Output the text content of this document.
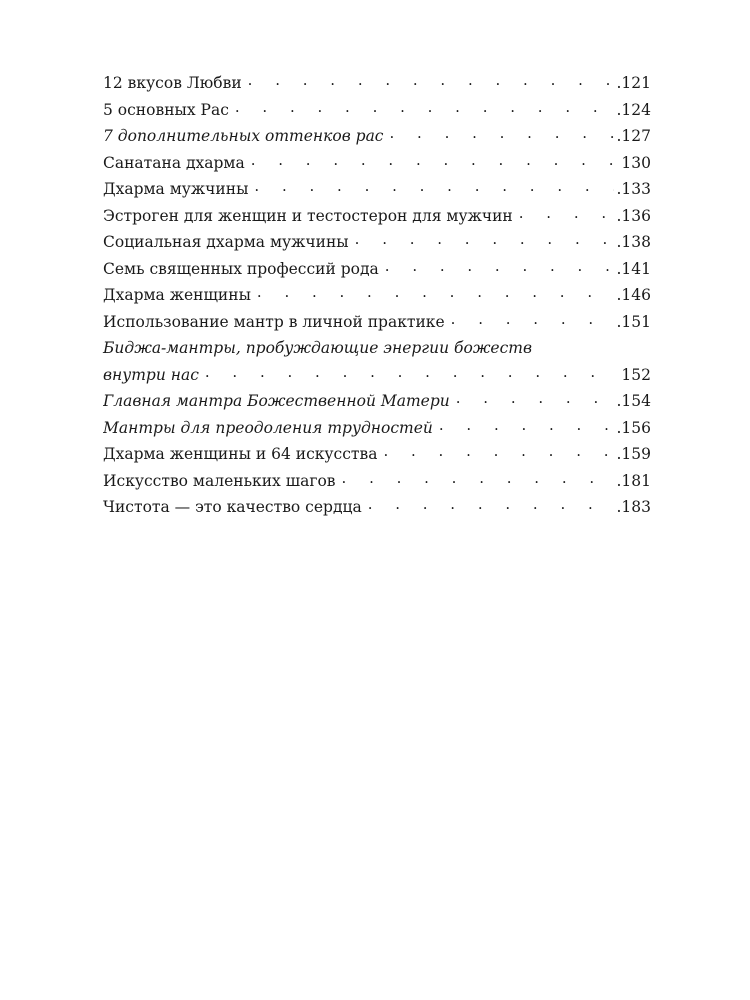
12 вкусов Любви . . .	.121
5 основных Рас . . .	.124
7 дополнительных оттенков рас . . .	.127
Санатана дхарма . . .	130
Дхарма мужчины . . .	.133
Эстроген для женщин и тестостерон для мужчин . . .	.136
Социальная дхарма мужчины . . .	.138
Семь священных профессий рода . . .	.141
Дхарма женщины . . .	.146
Использование мантр в личной практике . . .	.151
Биджа-мантры, пробуждающие энергии божеств
внутри нас . . .	152
Главная мантра Божественной Матери . . .	.154
Мантры для преодоления трудностей . . .	.156
Дхарма женщины и 64 искусства . . .	.159
Искусство маленьких шагов . . .	.181
Чистота — это качество сердца . . .	.183
